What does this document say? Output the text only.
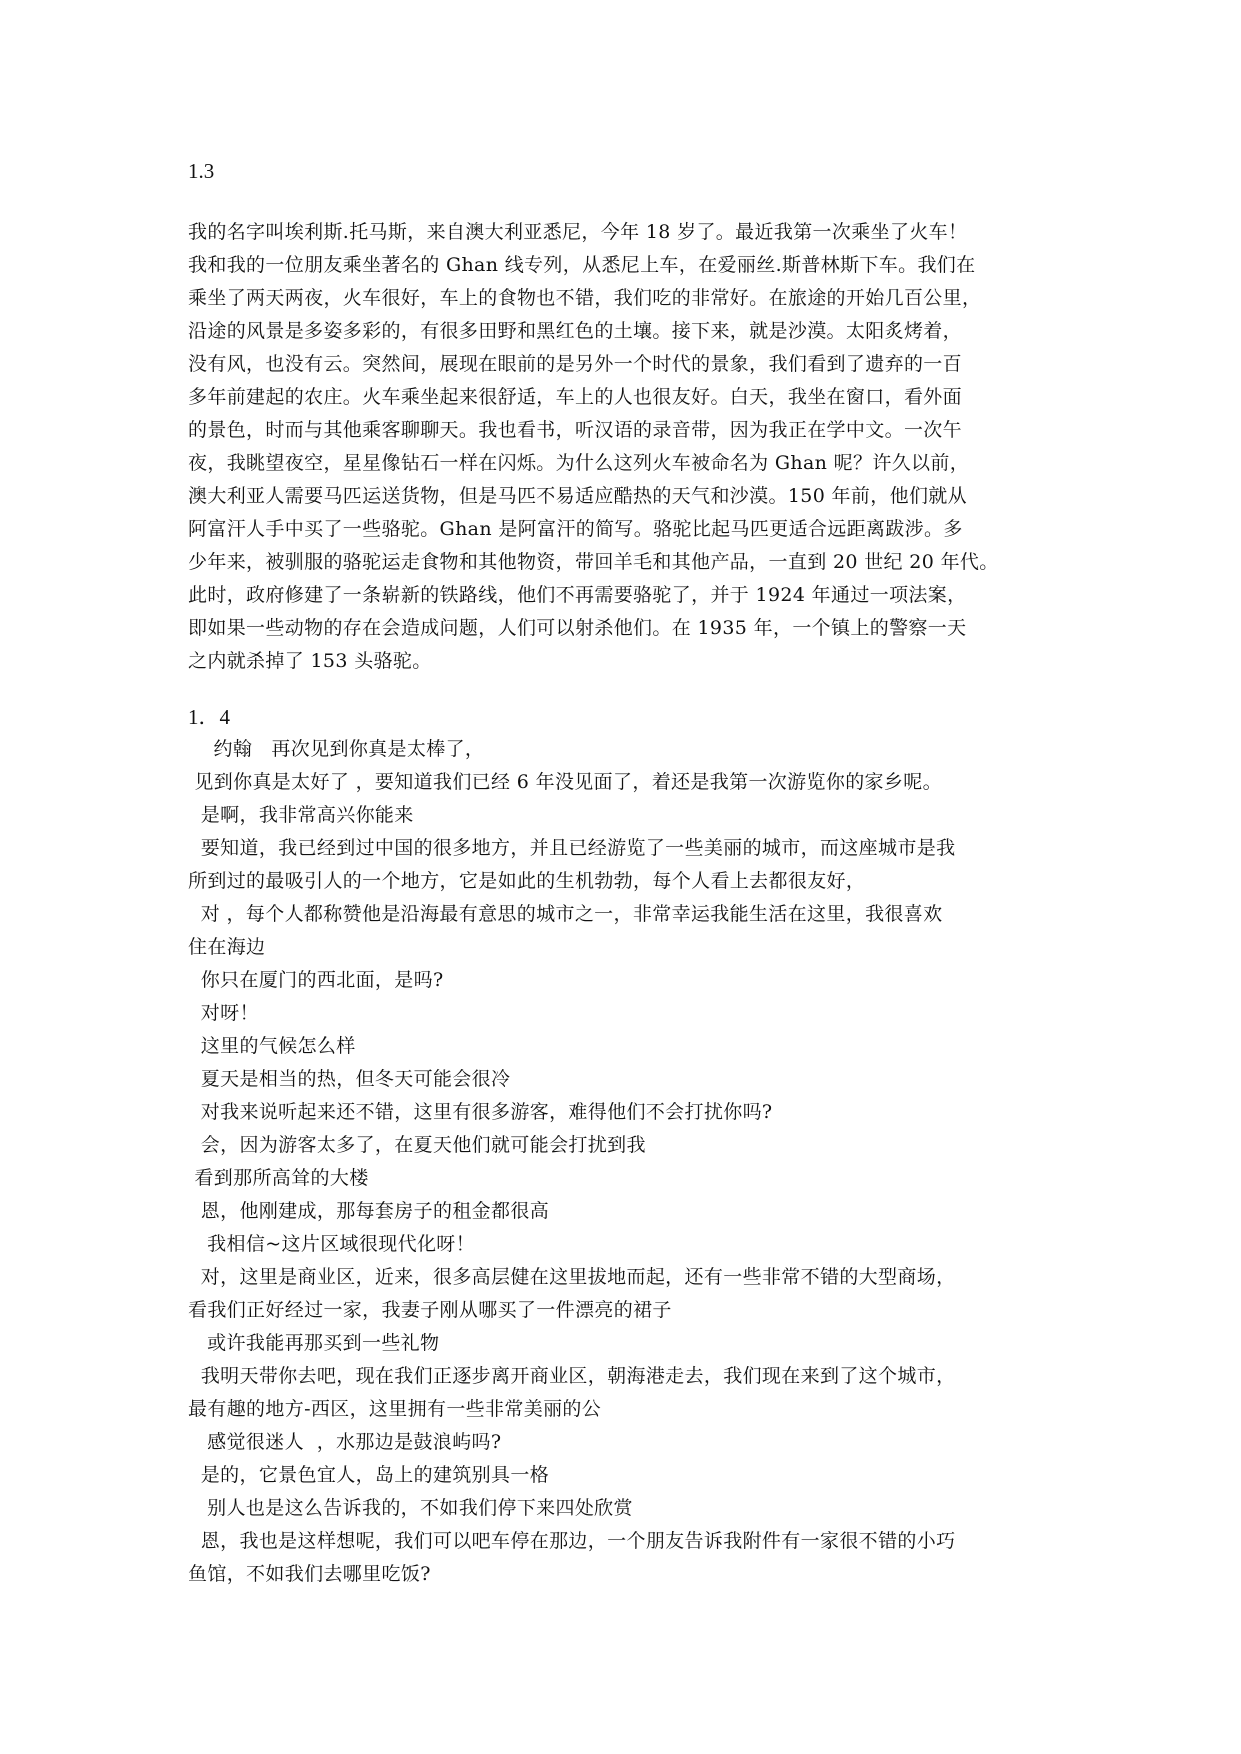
1.3

我的名字叫埃利斯.托马斯，来自澳大利亚悉尼，今年 18 岁了。最近我第一次乘坐了火车！

我和我的一位朋友乘坐著名的 Ghan 线专列，从悉尼上车，在爱丽丝.斯普林斯下车。我们在

乘坐了两天两夜，火车很好，车上的食物也不错，我们吃的非常好。在旅途的开始几百公里，

沿途的风景是多姿多彩的，有很多田野和黑红色的土壤。接下来，就是沙漠。太阳炙烤着，

没有风，也没有云。突然间，展现在眼前的是另外一个时代的景象，我们看到了遗弃的一百

多年前建起的农庄。火车乘坐起来很舒适，车上的人也很友好。白天，我坐在窗口，看外面

的景色，时而与其他乘客聊聊天。我也看书，听汉语的录音带，因为我正在学中文。一次午

夜，我眺望夜空，星星像钻石一样在闪烁。为什么这列火车被命名为 Ghan 呢？许久以前，

澳大利亚人需要马匹运送货物，但是马匹不易适应酷热的天气和沙漠。150 年前，他们就从

阿富汗人手中买了一些骆驼。Ghan 是阿富汗的简写。骆驼比起马匹更适合远距离跋涉。多

少年来，被驯服的骆驼运走食物和其他物资，带回羊毛和其他产品，一直到 20 世纪 20 年代。

此时，政府修建了一条崭新的铁路线，他们不再需要骆驼了，并于 1924 年通过一项法案，

即如果一些动物的存在会造成问题，人们可以射杀他们。在 1935 年，一个镇上的警察一天

之内就杀掉了 153 头骆驼。

1．4

约翰   再次见到你真是太棒了，

见到你真是太好了 ，要知道我们已经 6 年没见面了，着还是我第一次游览你的家乡呢。

是啊，我非常高兴你能来

要知道，我已经到过中国的很多地方，并且已经游览了一些美丽的城市，而这座城市是我

所到过的最吸引人的一个地方，它是如此的生机勃勃，每个人看上去都很友好，

对 ，每个人都称赞他是沿海最有意思的城市之一，非常幸运我能生活在这里，我很喜欢

住在海边

你只在厦门的西北面，是吗?

对呀！

这里的气候怎么样

夏天是相当的热，但冬天可能会很冷

对我来说听起来还不错，这里有很多游客，难得他们不会打扰你吗?

会，因为游客太多了，在夏天他们就可能会打扰到我

看到那所高耸的大楼

恩，他刚建成，那每套房子的租金都很高

我相信~这片区域很现代化呀！

对，这里是商业区，近来，很多高层健在这里拔地而起，还有一些非常不错的大型商场，

看我们正好经过一家，我妻子刚从哪买了一件漂亮的裙子

或许我能再那买到一些礼物

我明天带你去吧，现在我们正逐步离开商业区，朝海港走去，我们现在来到了这个城市，

最有趣的地方-西区，这里拥有一些非常美丽的公

感觉很迷人  ，水那边是鼓浪屿吗?

是的，它景色宜人，岛上的建筑别具一格

别人也是这么告诉我的，不如我们停下来四处欣赏

恩，我也是这样想呢，我们可以吧车停在那边，一个朋友告诉我附件有一家很不错的小巧

鱼馆，不如我们去哪里吃饭?
